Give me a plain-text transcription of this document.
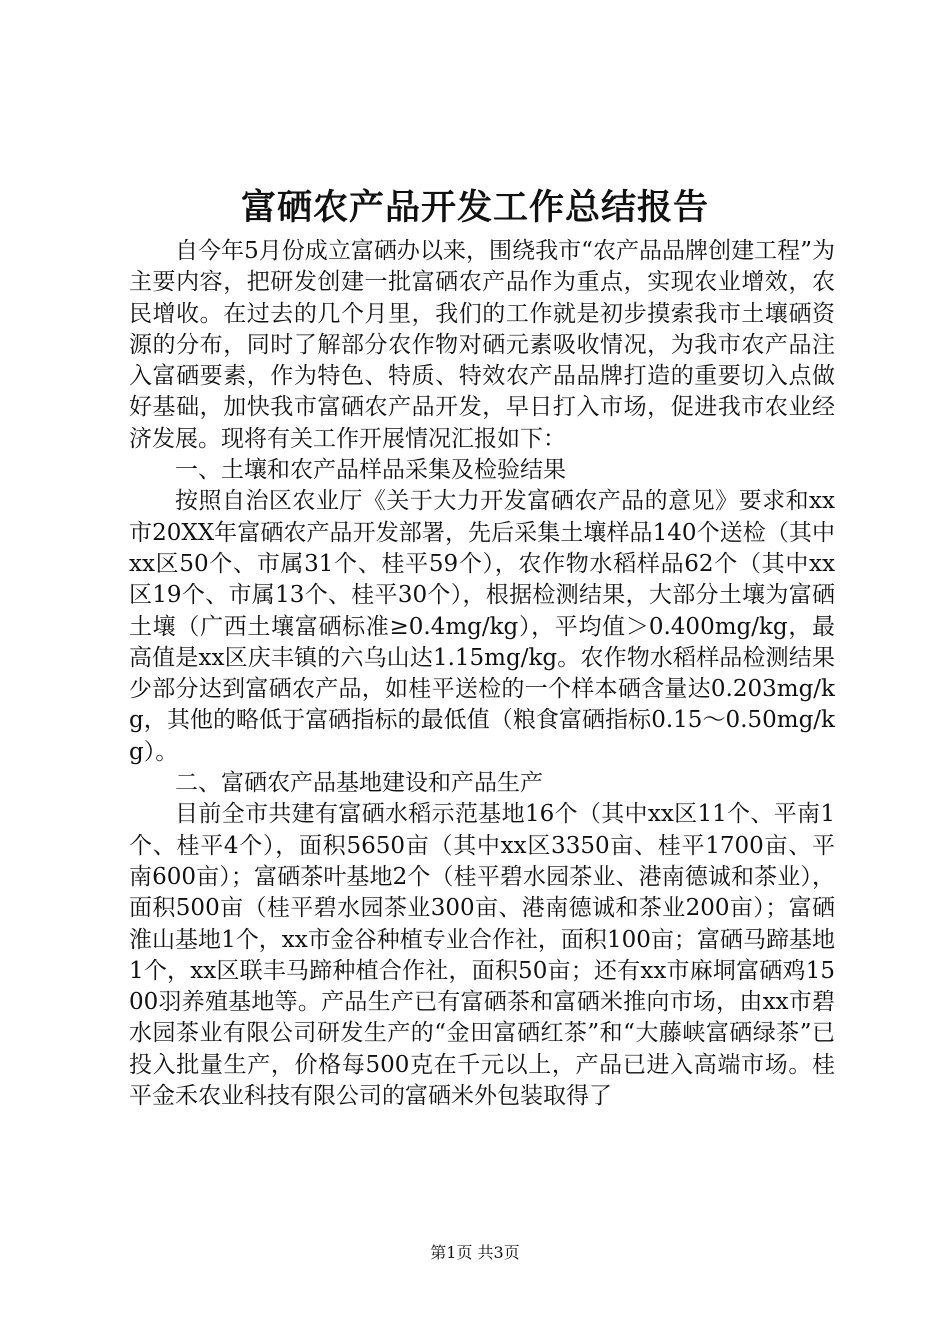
富硒农产品开发工作总结报告

自今年5月份成立富硒办以来，围绕我市“农产品品牌创建工程”为主要内容，把研发创建一批富硒农产品作为重点，实现农业增效，农民增收。在过去的几个月里，我们的工作就是初步摸索我市土壤硒资源的分布，同时了解部分农作物对硒元素吸收情况，为我市农产品注入富硒要素，作为特色、特质、特效农产品品牌打造的重要切入点做好基础，加快我市富硒农产品开发，早日打入市场，促进我市农业经济发展。现将有关工作开展情况汇报如下：

一、土壤和农产品样品采集及检验结果

按照自治区农业厅《关于大力开发富硒农产品的意见》要求和xx市20XX年富硒农产品开发部署，先后采集土壤样品140个送检（其中xx区50个、市属31个、桂平59个），农作物水稻样品62个（其中xx区19个、市属13个、桂平30个），根据检测结果，大部分土壤为富硒土壤（广西土壤富硒标准≥0.4mg/kg），平均值＞0.400mg/kg，最高值是xx区庆丰镇的六乌山达1.15mg/kg。农作物水稻样品检测结果少部分达到富硒农产品，如桂平送检的一个样本硒含量达0.203mg/kg，其他的略低于富硒指标的最低值（粮食富硒指标0.15～0.50mg/kg）。

二、富硒农产品基地建设和产品生产

目前全市共建有富硒水稻示范基地16个（其中xx区11个、平南1个、桂平4个），面积5650亩（其中xx区3350亩、桂平1700亩、平南600亩）；富硒茶叶基地2个（桂平碧水园茶业、港南德诚和茶业），面积500亩（桂平碧水园茶业300亩、港南德诚和茶业200亩）；富硒淮山基地1个，xx市金谷种植专业合作社，面积100亩；富硒马蹄基地1个，xx区联丰马蹄种植合作社，面积50亩；还有xx市麻垌富硒鸡1500羽养殖基地等。产品生产已有富硒茶和富硒米推向市场，由xx市碧水园茶业有限公司研发生产的“金田富硒红茶”和“大藤峡富硒绿茶”已投入批量生产，价格每500克在千元以上，产品已进入高端市场。桂平金禾农业科技有限公司的富硒米外包装取得了

第1页 共3页
